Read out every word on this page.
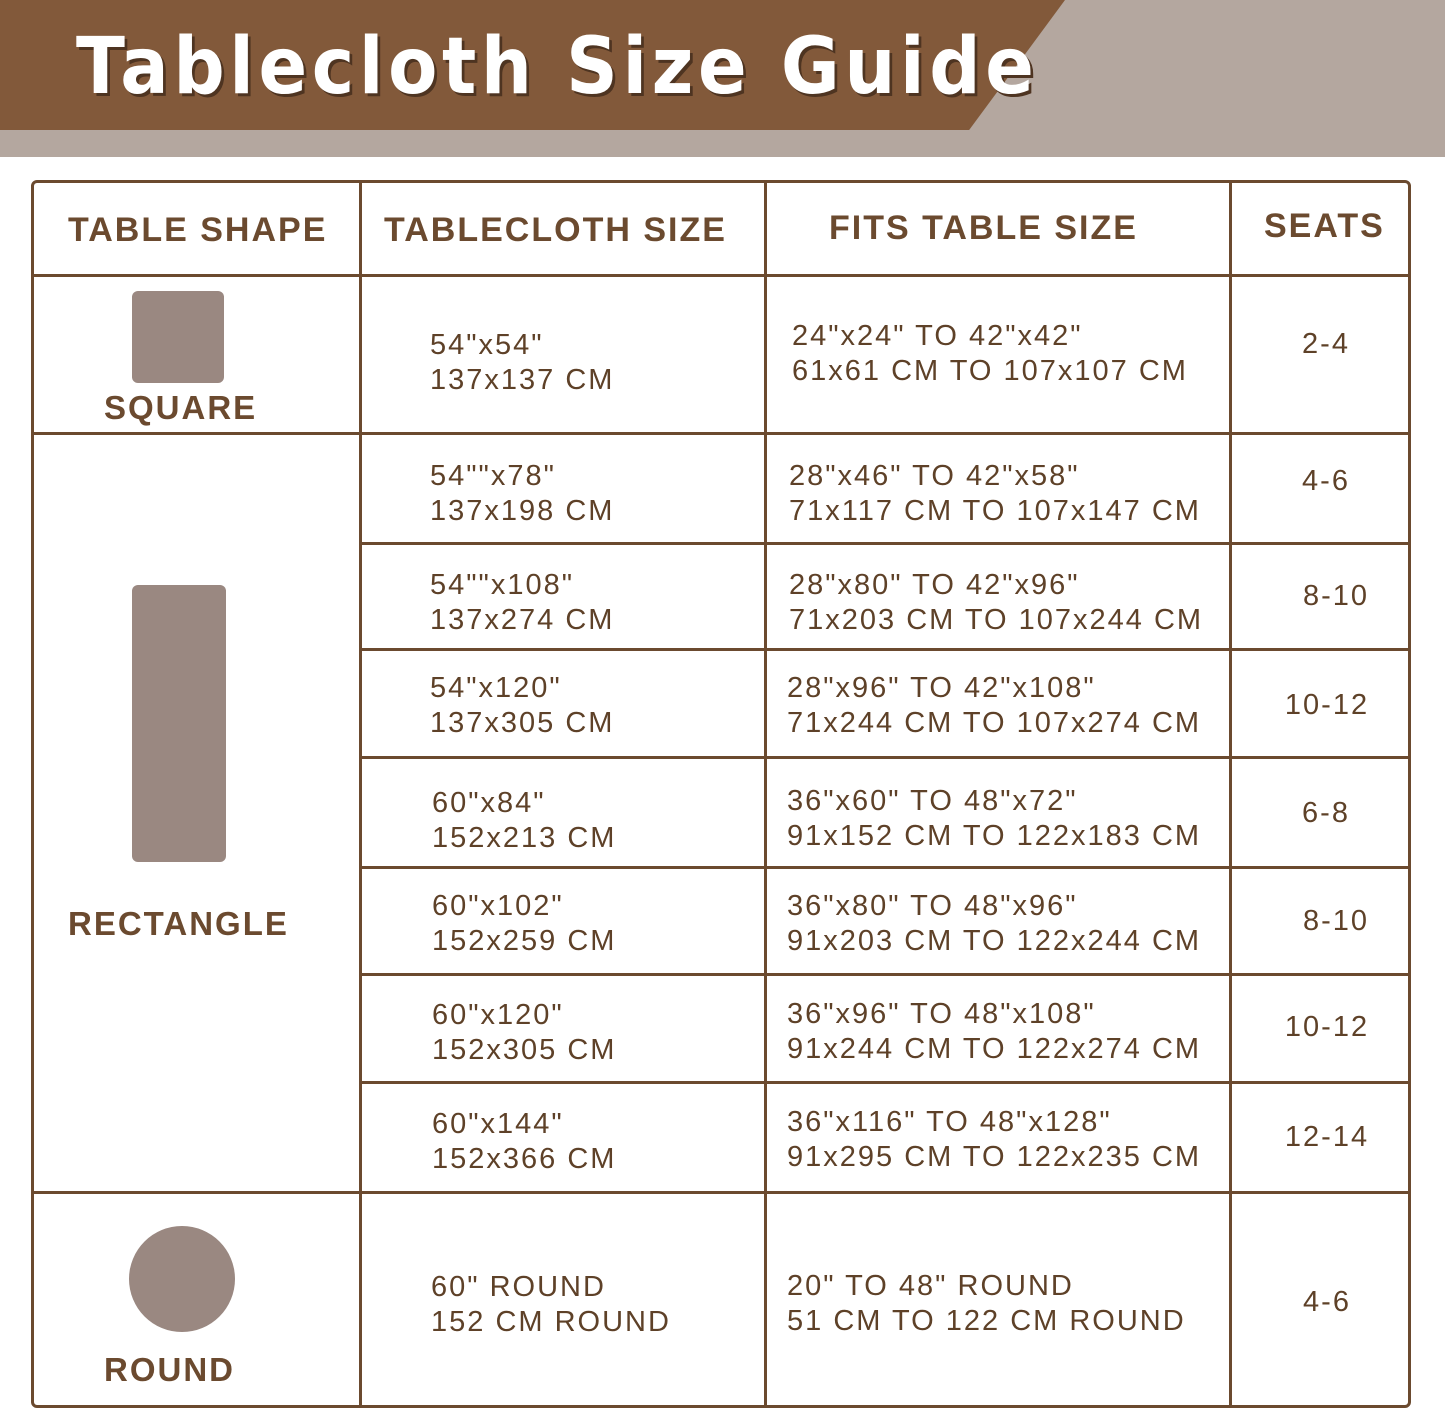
Tablecloth Size Guide
TABLE SHAPE TABLECLOTH SIZE	FITS TABLE SIZE	SEATS
SQUARE
RECTANGLE
ROUND
54"x54"
137x137 CM
24"x24" TO 42"x42"
61x61 CM TO 107x107 CM
2-4
54""x78"
137x198 CM
28"x46" TO 42"x58"
71x117 CM TO 107x147 CM
4-6
54""x108"
137x274 CM
28"x80" TO 42"x96"
71x203 CM TO 107x244 CM
8-10
54"x120"
137x305 CM
28"x96" TO 42"x108"
71x244 CM TO 107x274 CM
10-12
60"x84"
152x213 CM
36"x60" TO 48"x72"
91x152 CM TO 122x183 CM
6-8
60"x102"
152x259 CM
36"x80" TO 48"x96"
91x203 CM TO 122x244 CM
8-10
60"x120"
152x305 CM
36"x96" TO 48"x108"
91x244 CM TO 122x274 CM
10-12
60"x144"
152x366 CM
36"x116" TO 48"x128"
91x295 CM TO 122x235 CM
12-14
60" ROUND
152 CM ROUND
20" TO 48" ROUND
51 CM TO 122 CM ROUND
4-6
